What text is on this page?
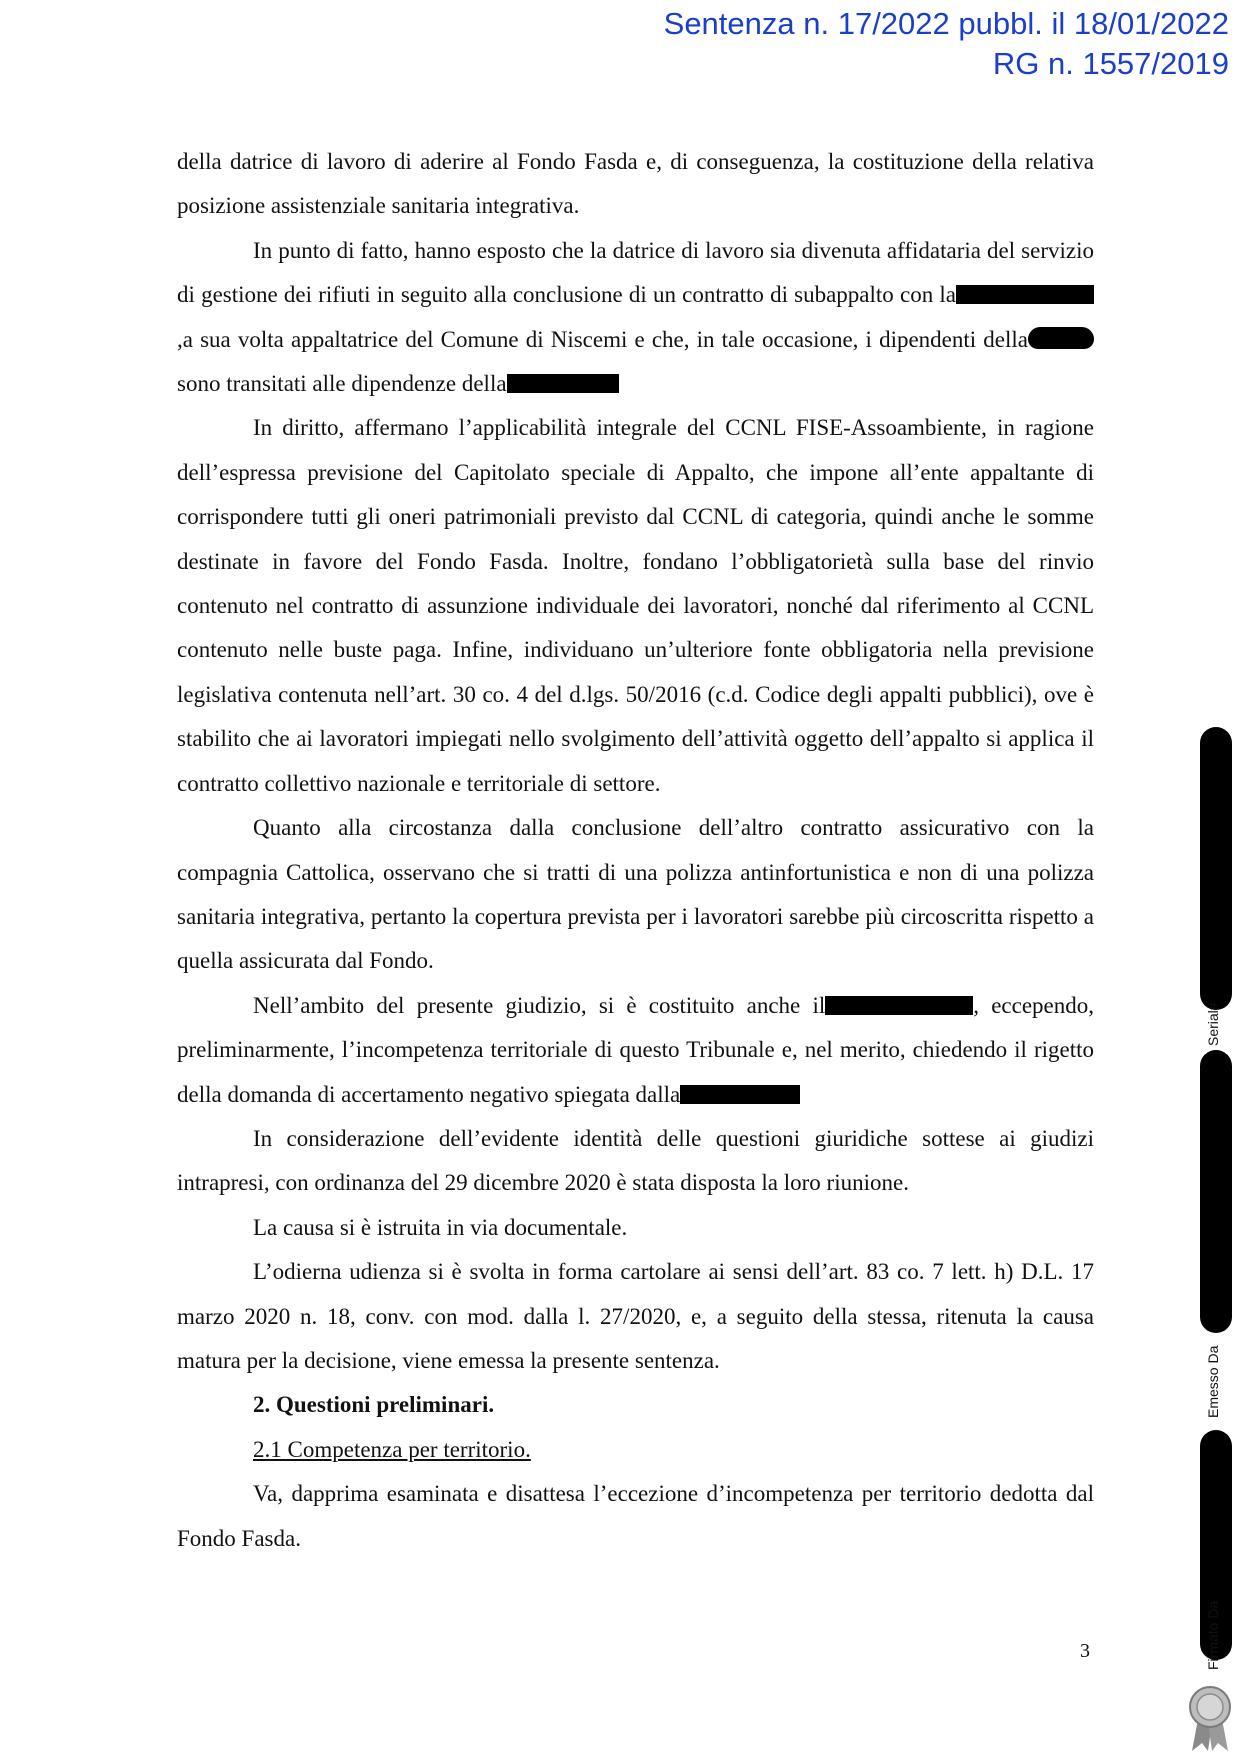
Sentenza n. 17/2022 pubbl. il 18/01/2022
RG n. 1557/2019

della datrice di lavoro di aderire al Fondo Fasda e, di conseguenza, la costituzione della relativa posizione assistenziale sanitaria integrativa.

In punto di fatto, hanno esposto che la datrice di lavoro sia divenuta affidataria del servizio di gestione dei rifiuti in seguito alla conclusione di un contratto di subappalto con la,a sua volta appaltatrice del Comune di Niscemi e che, in tale occasione, i dipendenti della sono transitati alle dipendenze della

In diritto, affermano l’applicabilità integrale del CCNL FISE-Assoambiente, in ragione dell’espressa previsione del Capitolato speciale di Appalto, che impone all’ente appaltante di corrispondere tutti gli oneri patrimoniali previsto dal CCNL di categoria, quindi anche le somme destinate in favore del Fondo Fasda. Inoltre, fondano l’obbligatorietà sulla base del rinvio contenuto nel contratto di assunzione individuale dei lavoratori, nonché dal riferimento al CCNL contenuto nelle buste paga. Infine, individuano un’ulteriore fonte obbligatoria nella previsione legislativa contenuta nell’art. 30 co. 4 del d.lgs. 50/2016 (c.d. Codice degli appalti pubblici), ove è stabilito che ai lavoratori impiegati nello svolgimento dell’attività oggetto dell’appalto si applica il contratto collettivo nazionale e territoriale di settore.

Quanto alla circostanza dalla conclusione dell’altro contratto assicurativo con la compagnia Cattolica, osservano che si tratti di una polizza antinfortunistica e non di una polizza sanitaria integrativa, pertanto la copertura prevista per i lavoratori sarebbe più circoscritta rispetto a quella assicurata dal Fondo.

Nell’ambito del presente giudizio, si è costituito anche il	, eccependo, preliminarmente, l’incompetenza territoriale di questo Tribunale e, nel merito, chiedendo il rigetto della domanda di accertamento negativo spiegata dalla

In considerazione dell’evidente identità delle questioni giuridiche sottese ai giudizi intrapresi, con ordinanza del 29 dicembre 2020 è stata disposta la loro riunione.

La causa si è istruita in via documentale.

L’odierna udienza si è svolta in forma cartolare ai sensi dell’art. 83 co. 7 lett. h) D.L. 17 marzo 2020 n. 18, conv. con mod. dalla l. 27/2020, e, a seguito della stessa, ritenuta la causa matura per la decisione, viene emessa la presente sentenza.

2. Questioni preliminari.

2.1 Competenza per territorio.

Va, dapprima esaminata e disattesa l’eccezione d’incompetenza per territorio dedotta dal Fondo Fasda.

3
Serial#
Emesso Da
Firmato Da
